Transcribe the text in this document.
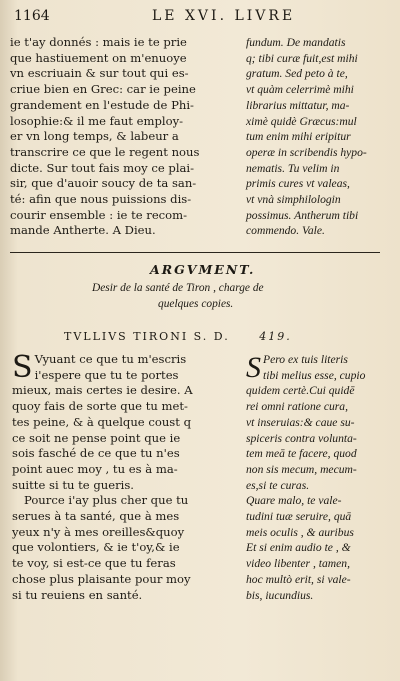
1164	LE XVI. LIVRE
ie t'ay donnés : mais ie te prie
que hastiuement on m'enuoye
vn escriuain & sur tout qui es-
criue bien en Grec: car ie peine
grandement en l'estude de Phi-
losophie:& il me faut employ-
er vn long temps, & labeur a
transcrire ce que le regent nous
dicte. Sur tout fais moy ce plai-
sir, que d'auoir soucy de ta san-
té: afin que nous puissions dis-
courir ensemble : ie te recom-
mande Antherte. A Dieu.
fundum. De mandatis
q; tibi curæ fuit,est mihi
gratum. Sed peto à te,
vt quàm celerrimè mihi
librarius mittatur, ma-
ximè quidè Græcus:mul
tum enim mihi eripitur
operæ in scribendis hypo-
nematis. Tu velim in
primis cures vt valeas,
vt vnà simphilologin
possimus. Antherum tibi
commendo. Vale.
ARGVMENT.
Desir de la santé de Tiron , charge de
quelques copies.
TVLLIVS TIRONI S. D.	419.
S Vyuant ce que tu m'escris
i'espere que tu te portes
mieux, mais certes ie desire. A
quoy fais de sorte que tu met-
tes peine, & à quelque coust q
ce soit ne pense point que ie
sois fasché de ce que tu n'es
point auec moy , tu es à ma-
suitte si tu te gueris.
Pource i'ay plus cher que tu
serues à ta santé, que à mes
yeux n'y à mes oreilles&quoy
que volontiers, & ie t'oy,& ie
te voy, si est-ce que tu feras
chose plus plaisante pour moy
si tu reuiens en santé.
S Pero ex tuis literis
tibi melius esse, cupio
quidem certè.Cui quidē
rei omni ratione cura,
vt inseruias:& caue su-
spiceris contra volunta-
tem meā te facere, quod
non sis mecum, mecum-
es,si te curas.
Quare malo, te vale-
tudini tuæ seruire, quā
meis oculis , & auribus
Et si enim audio te , &
video libenter , tamen,
hoc multò erit, si vale-
bis, iucundius.
